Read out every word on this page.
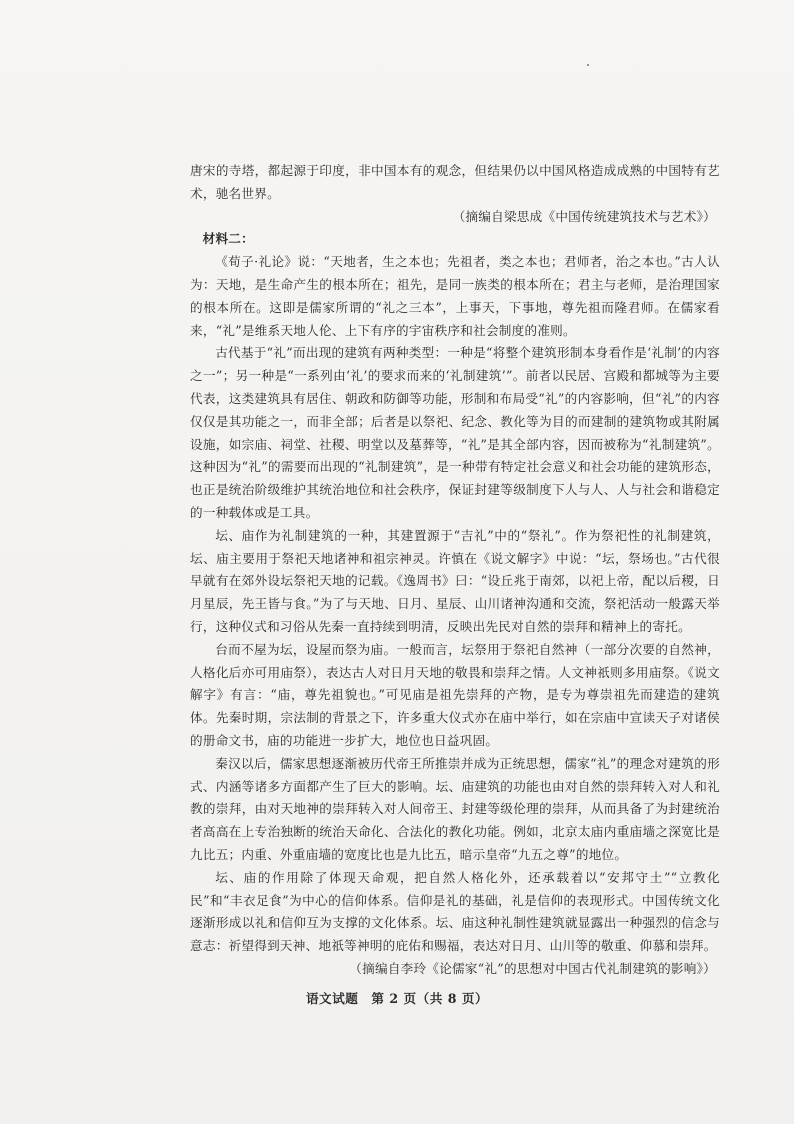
唐宋的寺塔，都起源于印度，非中国本有的观念，但结果仍以中国风格造成成熟的中国特有艺术，驰名世界。

（摘编自梁思成《中国传统建筑技术与艺术》）

材料二：

《荀子·礼论》说：“天地者，生之本也；先祖者，类之本也；君师者，治之本也。”古人认为：天地，是生命产生的根本所在；祖先，是同一族类的根本所在；君主与老师，是治理国家的根本所在。这即是儒家所谓的“礼之三本”，上事天，下事地，尊先祖而隆君师。在儒家看来，“礼”是维系天地人伦、上下有序的宇宙秩序和社会制度的准则。

古代基于“礼”而出现的建筑有两种类型：一种是“将整个建筑形制本身看作是‘礼制’的内容之一”；另一种是“一系列由‘礼’的要求而来的‘礼制建筑’”。前者以民居、宫殿和都城等为主要代表，这类建筑具有居住、朝政和防御等功能，形制和布局受“礼”的内容影响，但“礼”的内容仅仅是其功能之一，而非全部；后者是以祭祀、纪念、教化等为目的而建制的建筑物或其附属设施，如宗庙、祠堂、社稷、明堂以及墓葬等，“礼”是其全部内容，因而被称为“礼制建筑”。这种因为“礼”的需要而出现的“礼制建筑”，是一种带有特定社会意义和社会功能的建筑形态，也正是统治阶级维护其统治地位和社会秩序，保证封建等级制度下人与人、人与社会和谐稳定的一种载体或是工具。

坛、庙作为礼制建筑的一种，其建置源于“吉礼”中的“祭礼”。作为祭祀性的礼制建筑，坛、庙主要用于祭祀天地诸神和祖宗神灵。许慎在《说文解字》中说：“坛，祭场也。”古代很早就有在郊外设坛祭祀天地的记载。《逸周书》曰：“设丘兆于南郊，以祀上帝，配以后稷，日月星辰，先王皆与食。”为了与天地、日月、星辰、山川诸神沟通和交流，祭祀活动一般露天举行，这种仪式和习俗从先秦一直持续到明清，反映出先民对自然的崇拜和精神上的寄托。

台而不屋为坛，设屋而祭为庙。一般而言，坛祭用于祭祀自然神（一部分次要的自然神，人格化后亦可用庙祭），表达古人对日月天地的敬畏和崇拜之情。人文神祇则多用庙祭。《说文解字》有言：“庙，尊先祖貌也。”可见庙是祖先崇拜的产物，是专为尊崇祖先而建造的建筑体。先秦时期，宗法制的背景之下，许多重大仪式亦在庙中举行，如在宗庙中宣读天子对诸侯的册命文书，庙的功能进一步扩大，地位也日益巩固。

秦汉以后，儒家思想逐渐被历代帝王所推崇并成为正统思想，儒家“礼”的理念对建筑的形式、内涵等诸多方面都产生了巨大的影响。坛、庙建筑的功能也由对自然的崇拜转入对人和礼教的崇拜，由对天地神的崇拜转入对人间帝王、封建等级伦理的崇拜，从而具备了为封建统治者高高在上专治独断的统治天命化、合法化的教化功能。例如，北京太庙内重庙墙之深宽比是九比五；内重、外重庙墙的宽度比也是九比五，暗示皇帝“九五之尊”的地位。

坛、庙的作用除了体现天命观，把自然人格化外，还承载着以“安邦守土”“立教化民”和“丰衣足食”为中心的信仰体系。信仰是礼的基础，礼是信仰的表现形式。中国传统文化逐渐形成以礼和信仰互为支撑的文化体系。坛、庙这种礼制性建筑就显露出一种强烈的信念与意志：祈望得到天神、地祇等神明的庇佑和赐福，表达对日月、山川等的敬重、仰慕和崇拜。

（摘编自李玲《论儒家“礼”的思想对中国古代礼制建筑的影响》）

语文试题　第 2 页（共 8 页）
